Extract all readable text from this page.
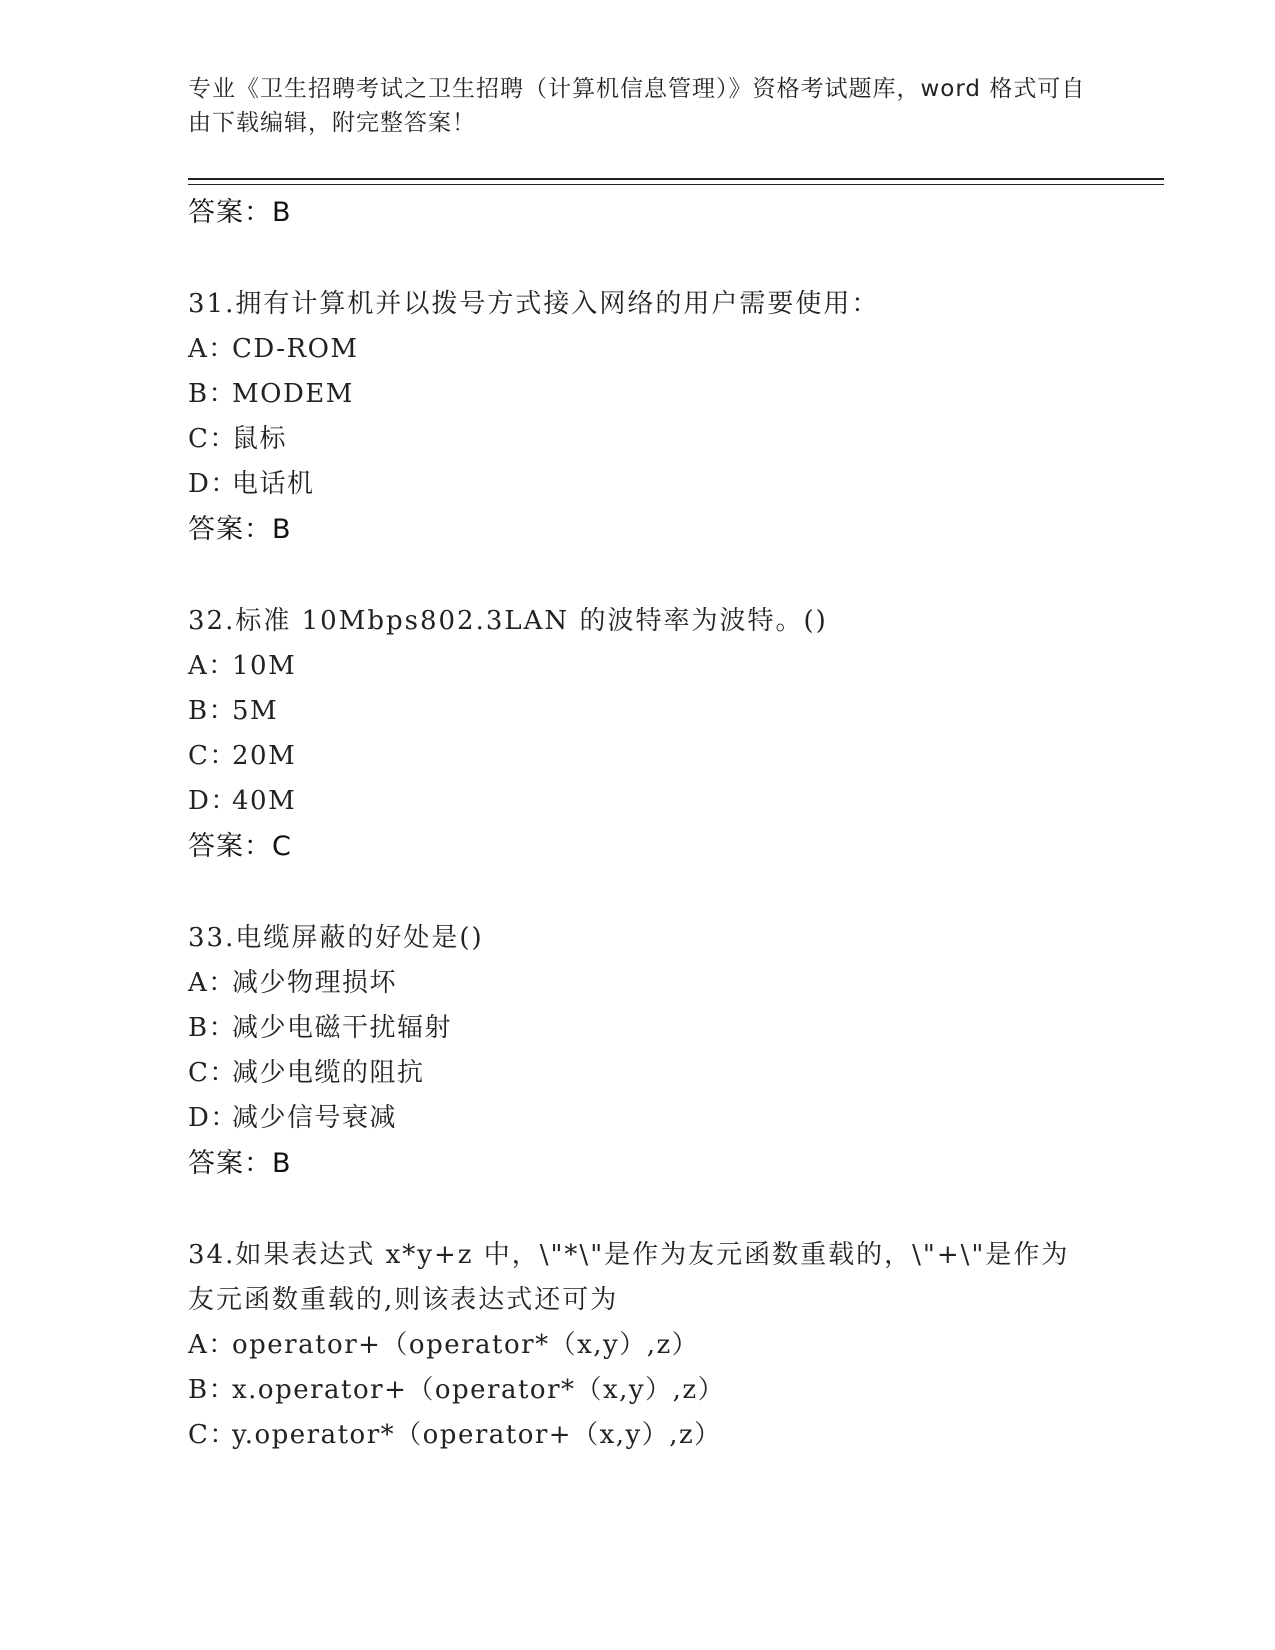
专业《卫生招聘考试之卫生招聘（计算机信息管理）》资格考试题库，word 格式可自由下载编辑，附完整答案！
答案：B
31.拥有计算机并以拨号方式接入网络的用户需要使用：
A：CD-ROM
B：MODEM
C：鼠标
D：电话机
答案：B
32.标准 10Mbps802.3LAN 的波特率为波特。()
A：10M
B：5M
C：20M
D：40M
答案：C
33.电缆屏蔽的好处是()
A：减少物理损坏
B：减少电磁干扰辐射
C：减少电缆的阻抗
D：减少信号衰减
答案：B
34.如果表达式 x*y+z 中，\"*\"是作为友元函数重载的，\"+\"是作为友元函数重载的,则该表达式还可为
A：operator+（operator*（x,y）,z）
B：x.operator+（operator*（x,y）,z）
C：y.operator*（operator+（x,y）,z）
